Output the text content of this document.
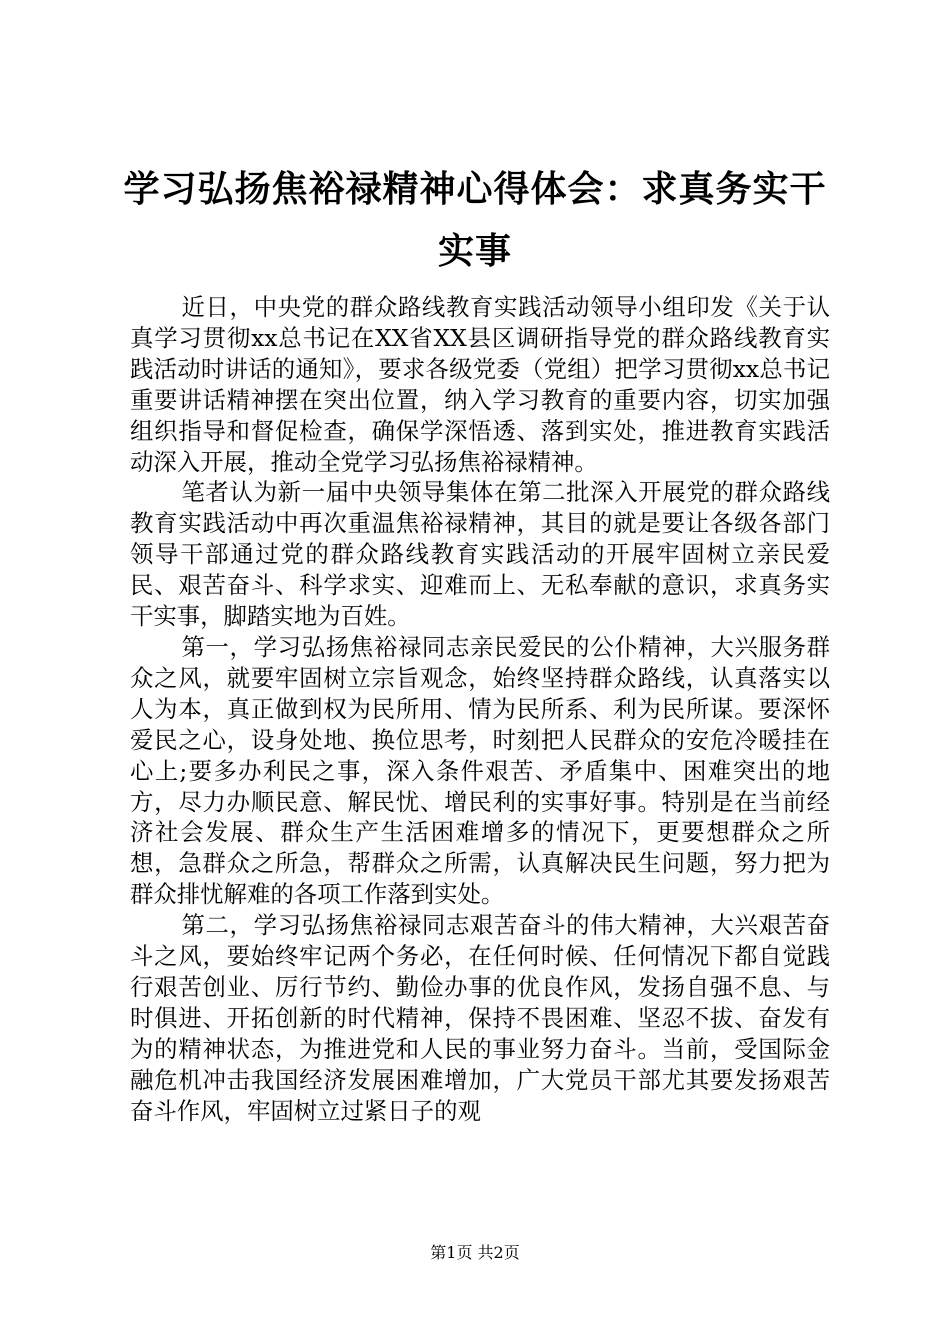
学习弘扬焦裕禄精神心得体会：求真务实干实事

近日，中央党的群众路线教育实践活动领导小组印发《关于认真学习贯彻xx总书记在XX省XX县区调研指导党的群众路线教育实践活动时讲话的通知》，要求各级党委（党组）把学习贯彻xx总书记重要讲话精神摆在突出位置，纳入学习教育的重要内容，切实加强组织指导和督促检查，确保学深悟透、落到实处，推进教育实践活动深入开展，推动全党学习弘扬焦裕禄精神。

笔者认为新一届中央领导集体在第二批深入开展党的群众路线教育实践活动中再次重温焦裕禄精神，其目的就是要让各级各部门领导干部通过党的群众路线教育实践活动的开展牢固树立亲民爱民、艰苦奋斗、科学求实、迎难而上、无私奉献的意识，求真务实干实事，脚踏实地为百姓。

第一，学习弘扬焦裕禄同志亲民爱民的公仆精神，大兴服务群众之风，就要牢固树立宗旨观念，始终坚持群众路线，认真落实以人为本，真正做到权为民所用、情为民所系、利为民所谋。要深怀爱民之心，设身处地、换位思考，时刻把人民群众的安危冷暖挂在心上;要多办利民之事，深入条件艰苦、矛盾集中、困难突出的地方，尽力办顺民意、解民忧、增民利的实事好事。特别是在当前经济社会发展、群众生产生活困难增多的情况下，更要想群众之所想，急群众之所急，帮群众之所需，认真解决民生问题，努力把为群众排忧解难的各项工作落到实处。

第二，学习弘扬焦裕禄同志艰苦奋斗的伟大精神，大兴艰苦奋斗之风，要始终牢记两个务必，在任何时候、任何情况下都自觉践行艰苦创业、厉行节约、勤俭办事的优良作风，发扬自强不息、与时俱进、开拓创新的时代精神，保持不畏困难、坚忍不拔、奋发有为的精神状态，为推进党和人民的事业努力奋斗。当前，受国际金融危机冲击我国经济发展困难增加，广大党员干部尤其要发扬艰苦奋斗作风，牢固树立过紧日子的观

第1页 共2页
